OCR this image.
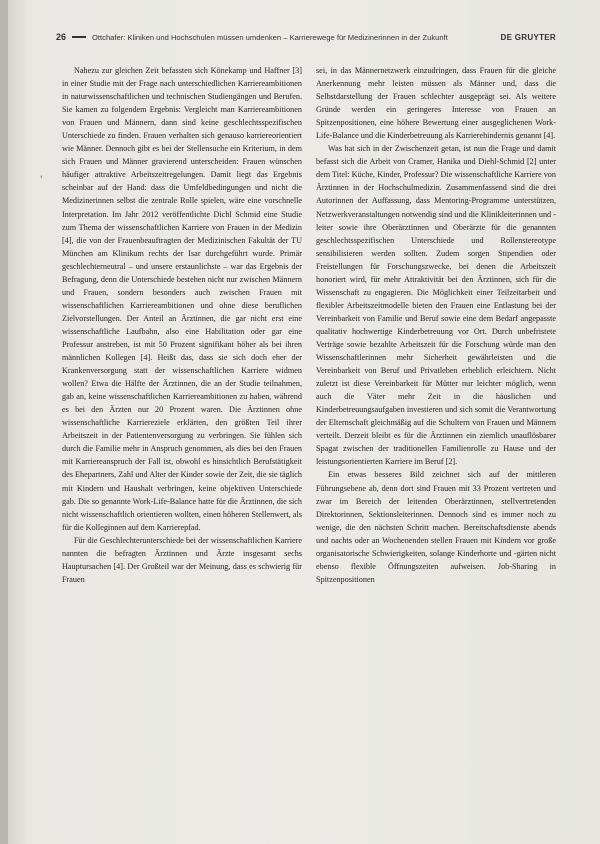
26	Ottchafer: Kliniken und Hochschulen müssen umdenken – Karrierewege für Medizinerinnen in der Zukunft	DE GRUYTER
‹

Nahezu zur gleichen Zeit befassten sich Könekamp und Haffner [3] in einer Studie mit der Frage nach unterschiedlichen Karriereambitionen in naturwissenschaftlichen und technischen Studiengängen und Berufen. Sie kamen zu folgendem Ergebnis: Vergleicht man Karriereambitionen von Frauen und Männern, dann sind keine geschlechtsspezifischen Unterschiede zu finden. Frauen verhalten sich genauso karriereorientiert wie Männer. Dennoch gibt es bei der Stellensuche ein Kriterium, in dem sich Frauen und Männer gravierend unterscheiden: Frauen wünschen häufiger attraktive Arbeitszeitregelungen. Damit liegt das Ergebnis scheinbar auf der Hand: dass die Umfeldbedingungen und nicht die Medizinerinnen selbst die zentrale Rolle spielen, wäre eine vorschnelle Interpretation. Im Jahr 2012 veröffentlichte Dichl Schmid eine Studie zum Thema der wissenschaftlichen Karriere von Frauen in der Medizin [4], die von der Frauenbeauftragten der Medizinischen Fakultät der TU München am Klinikum rechts der Isar durchgeführt wurde. Primär geschlechterneutral – und unsere erstaunlichste – war das Ergebnis der Befragung, denn die Unterschiede bestehen nicht nur zwischen Männern und Frauen, sondern besonders auch zwischen Frauen mit wissenschaftlichen Karriereambitionen und ohne diese beruflichen Zielvorstellungen. Der Anteil an Ärztinnen, die gar nicht erst eine wissenschaftliche Laufbahn, also eine Habilitation oder gar eine Professur anstreben, ist mit 50 Prozent signifikant höher als bei ihren männlichen Kollegen [4]. Heißt das, dass sie sich doch eher der Krankenversorgung statt der wissenschaftlichen Karriere widmen wollen? Etwa die Hälfte der Ärztinnen, die an der Studie teilnahmen, gab an, keine wissenschaftlichen Karriereambitionen zu haben, während es bei den Ärzten nur 20 Prozent waren. Die Ärztinnen ohne wissenschaftliche Karriereziele erklärten, den größten Teil ihrer Arbeitszeit in der Patientenversorgung zu verbringen. Sie fühlen sich durch die Familie mehr in Anspruch genommen, als dies bei den Frauen mit Karriereanspruch der Fall ist, obwohl es hinsichtlich Berufstätigkeit des Ehepartners, Zahl und Alter der Kinder sowie der Zeit, die sie täglich mit Kindern und Haushalt verbringen, keine objektiven Unterschiede gab. Die so genannte Work-Life-Balance hatte für die Ärztinnen, die sich nicht wissenschaftlich orientieren wollten, einen höheren Stellenwert, als für die Kolleginnen auf dem Karrierepfad.

Für die Geschlechterunterschiede bei der wissenschaftlichen Karriere nannten die befragten Ärztinnen und Ärzte insgesamt sechs Hauptursachen [4]. Der Großteil war der Meinung, dass es schwierig für Frauen

sei, in das Männernetzwerk einzudringen, dass Frauen für die gleiche Anerkennung mehr leisten müssen als Männer und, dass die Selbstdarstellung der Frauen schlechter ausgeprägt sei. Als weitere Gründe werden ein geringeres Interesse von Frauen an Spitzenpositionen, eine höhere Bewertung einer ausgeglichenen Work-Life-Balance und die Kinderbetreuung als Karrierehindernis genannt [4].

Was hat sich in der Zwischenzeit getan, ist nun die Frage und damit befasst sich die Arbeit von Cramer, Hanika und Diehl-Schmid [2] unter dem Titel: Küche, Kinder, Professur? Die wissenschaftliche Karriere von Ärztinnen in der Hochschulmedizin. Zusammenfassend sind die drei Autorinnen der Auffassung, dass Mentoring-Programme unterstützen, Netzwerkveranstaltungen notwendig sind und die Klinikleiterinnen und -leiter sowie ihre Oberärztinnen und Oberärzte für die genannten geschlechtsspezifischen Unterschiede und Rollenstereotype sensibilisieren werden sollten. Zudem sorgen Stipendien oder Freistellungen für Forschungszwecke, bei denen die Arbeitszeit honoriert wird, für mehr Attraktivität bei den Ärztinnen, sich für die Wissenschaft zu engagieren. Die Möglichkeit einer Teilzeitarbeit und flexibler Arbeitszeitmodelle bieten den Frauen eine Entlastung bei der Vereinbarkeit von Familie und Beruf sowie eine dem Bedarf angepasste qualitativ hochwertige Kinderbetreuung vor Ort. Durch unbefristete Verträge sowie bezahlte Arbeitszeit für die Forschung würde man den Wissenschaftlerinnen mehr Sicherheit gewährleisten und die Vereinbarkeit von Beruf und Privatleben erheblich erleichtern. Nicht zuletzt ist diese Vereinbarkeit für Mütter nur leichter möglich, wenn auch die Väter mehr Zeit in die häuslichen und Kinderbetreuungsaufgaben investieren und sich somit die Verantwortung der Elternschaft gleichmäßig auf die Schultern von Frauen und Männern verteilt. Derzeit bleibt es für die Ärztinnen ein ziemlich unauflösbarer Spagat zwischen der traditionellen Familienrolle zu Hause und der leistungsorientierten Karriere im Beruf [2].

Ein etwas besseres Bild zeichnet sich auf der mittleren Führungsebene ab, denn dort sind Frauen mit 33 Prozent vertreten und zwar im Bereich der leitenden Oberärztinnen, stellvertretenden Direktorinnen, Sektionsleiterinnen. Dennoch sind es immer noch zu wenige, die den nächsten Schritt machen. Bereitschaftsdienste abends und nachts oder an Wochenenden stellen Frauen mit Kindern vor große organisatorische Schwierigkeiten, solange Kinderhorte und -gärten nicht ebenso flexible Öffnungszeiten aufweisen. Job-Sharing in Spitzenpositionen
